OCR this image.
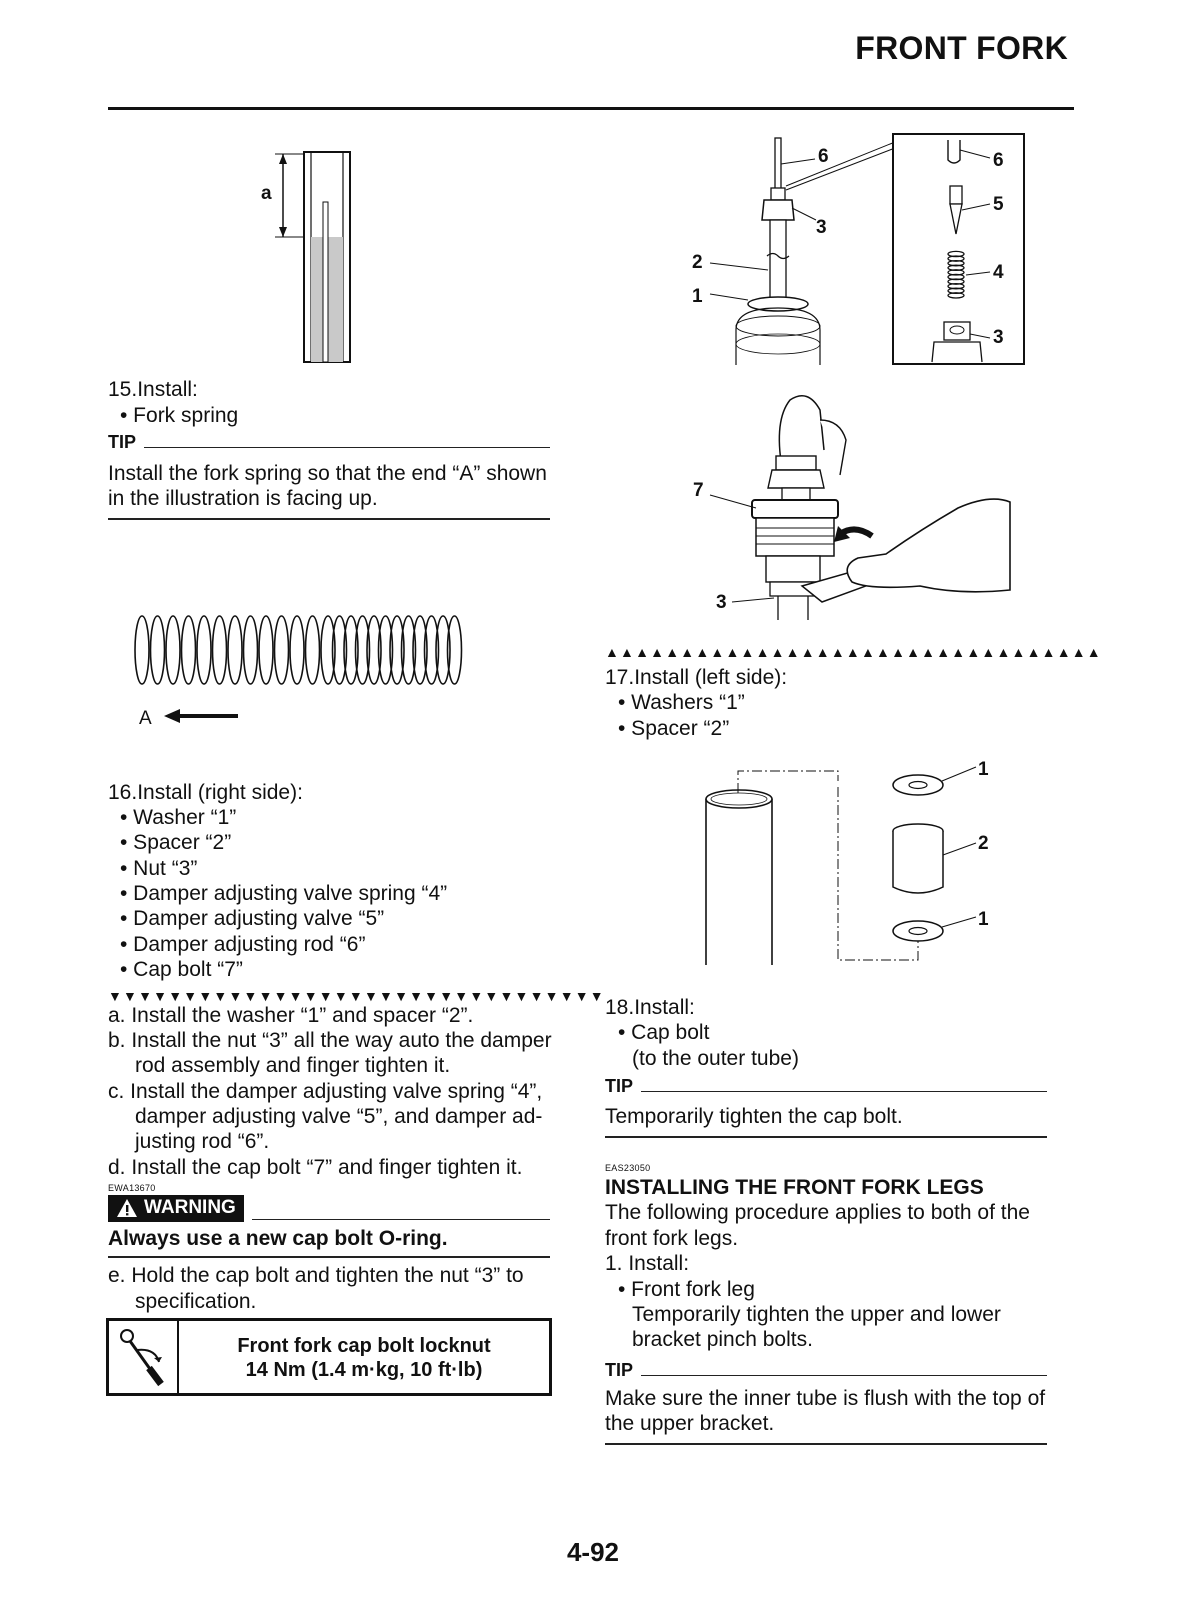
FRONT FORK
a
15.Install:
• Fork spring
TIP
Install the fork spring so that the end “A” shown
in the illustration is facing up.
A
16.Install (right side):
• Washer “1”
• Spacer “2”
• Nut “3”
• Damper adjusting valve spring “4”
• Damper adjusting valve “5”
• Damper adjusting rod “6”
• Cap bolt “7”
▼▼▼▼▼▼▼▼▼▼▼▼▼▼▼▼▼▼▼▼▼▼▼▼▼▼▼▼▼▼▼▼▼
a. Install the washer “1” and spacer “2”.
b. Install the nut “3” all the way auto the damper
rod assembly and finger tighten it.
c. Install the damper adjusting valve spring “4”,
damper adjusting valve “5”, and damper ad-
justing rod “6”.
d. Install the cap bolt “7” and finger tighten it.
EWA13670
WARNING
Always use a new cap bolt O-ring.
e. Hold the cap bolt and tighten the nut “3” to
specification.
Front fork cap bolt locknut
14 Nm (1.4 m·kg, 10 ft·lb)
6
3
2
1
6
5
4
3
7
3
▲▲▲▲▲▲▲▲▲▲▲▲▲▲▲▲▲▲▲▲▲▲▲▲▲▲▲▲▲▲▲▲▲
17.Install (left side):
• Washers “1”
• Spacer “2”
1
2
1
18.Install:
• Cap bolt
(to the outer tube)
TIP
Temporarily tighten the cap bolt.
EAS23050
INSTALLING THE FRONT FORK LEGS
The following procedure applies to both of the
front fork legs.
1. Install:
• Front fork leg
Temporarily tighten the upper and lower
bracket pinch bolts.
TIP
Make sure the inner tube is flush with the top of
the upper bracket.
4-92
